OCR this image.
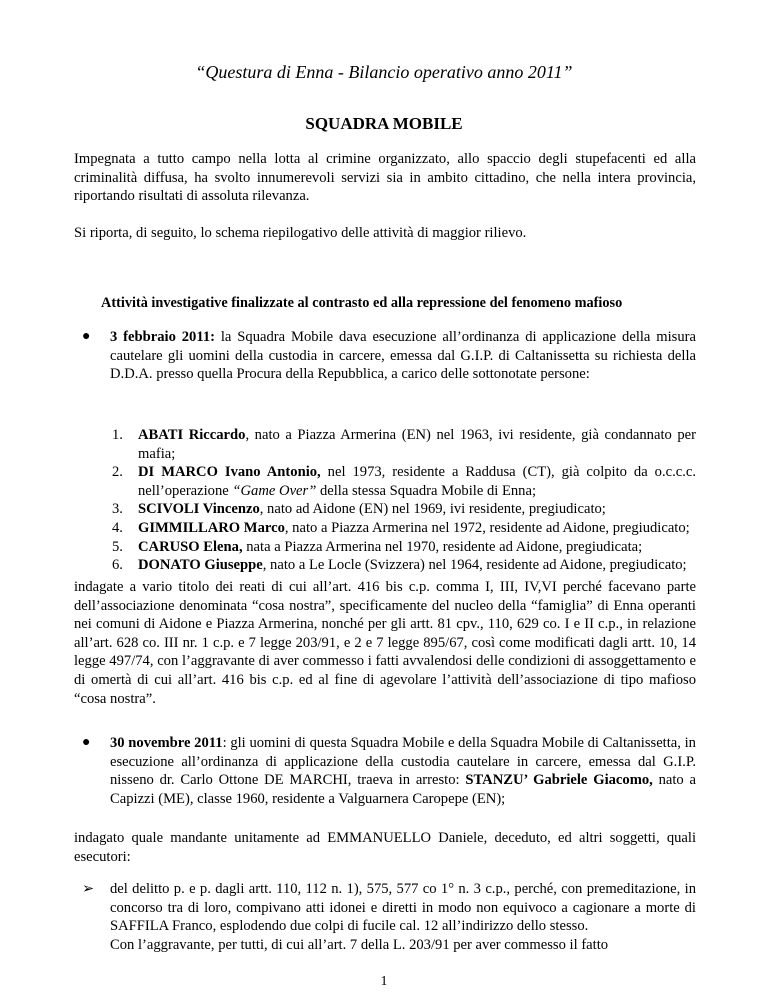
“Questura di Enna - Bilancio operativo anno 2011”
SQUADRA MOBILE
Impegnata a tutto campo nella lotta al crimine organizzato, allo spaccio degli stupefacenti ed alla criminalità diffusa, ha svolto innumerevoli servizi sia in ambito cittadino, che nella intera provincia, riportando risultati di assoluta rilevanza.
Si riporta, di seguito, lo schema riepilogativo delle attività di maggior rilievo.
Attività investigative finalizzate al contrasto ed alla repressione del fenomeno mafioso
● 3 febbraio 2011: la Squadra Mobile dava esecuzione all’ordinanza di applicazione della misura cautelare gli uomini della custodia in carcere, emessa dal G.I.P. di Caltanissetta su richiesta della D.D.A. presso quella Procura della Repubblica, a carico delle sottonotate persone:
1. ABATI Riccardo, nato a Piazza Armerina (EN) nel 1963, ivi residente, già condannato per mafia;
2. DI MARCO Ivano Antonio, nel 1973, residente a Raddusa (CT), già colpito da o.c.c.c. nell’operazione “Game Over” della stessa Squadra Mobile di Enna;
3. SCIVOLI Vincenzo, nato ad Aidone (EN) nel 1969, ivi residente, pregiudicato;
4. GIMMILLARO Marco, nato a Piazza Armerina nel 1972, residente ad Aidone, pregiudicato;
5. CARUSO Elena, nata a Piazza Armerina nel 1970, residente ad Aidone, pregiudicata;
6. DONATO Giuseppe, nato a Le Locle (Svizzera) nel 1964, residente ad Aidone, pregiudicato;
indagate a vario titolo dei reati di cui all’art. 416 bis c.p. comma I, III, IV,VI perché facevano parte dell’associazione denominata “cosa nostra”, specificamente del nucleo della “famiglia” di Enna operanti nei comuni di Aidone e Piazza Armerina, nonché per gli artt. 81 cpv., 110, 629 co. I e II c.p., in relazione all’art. 628 co. III nr. 1 c.p. e 7 legge 203/91, e 2 e 7 legge 895/67, così come modificati dagli artt. 10, 14 legge 497/74, con l’aggravante di aver commesso i fatti avvalendosi delle condizioni di assoggettamento e di omertà di cui all’art. 416 bis c.p. ed al fine di agevolare l’attività dell’associazione di tipo mafioso “cosa nostra”.
● 30 novembre 2011: gli uomini di questa Squadra Mobile e della Squadra Mobile di Caltanissetta, in esecuzione all’ordinanza di applicazione della custodia cautelare in carcere, emessa dal G.I.P. nisseno dr. Carlo Ottone DE MARCHI, traeva in arresto: STANZU’ Gabriele Giacomo, nato a Capizzi (ME), classe 1960, residente a Valguarnera Caropepe (EN);
indagato quale mandante unitamente ad EMMANUELLO Daniele, deceduto, ed altri soggetti, quali esecutori:
➢ del delitto p. e p. dagli artt. 110, 112 n. 1), 575, 577 co 1° n. 3 c.p., perché, con premeditazione, in concorso tra di loro, compivano atti idonei e diretti in modo non equivoco a cagionare a morte di SAFFILA Franco, esplodendo due colpi di fucile cal. 12 all’indirizzo dello stesso.
Con l’aggravante, per tutti, di cui all’art. 7 della L. 203/91 per aver commesso il fatto
1
